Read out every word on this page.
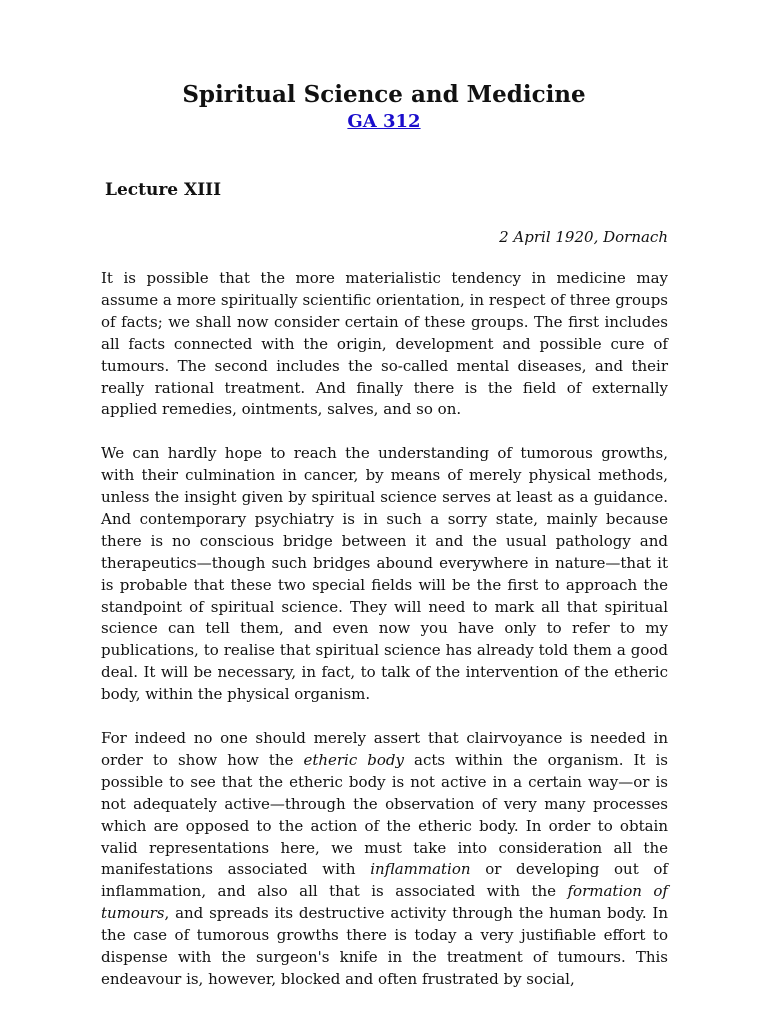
Spiritual Science and Medicine
GA 312
Lecture XIII
2 April 1920, Dornach

It is possible that the more materialistic tendency in medicine may assume a more spiritually scientific orientation, in respect of three groups of facts; we shall now consider certain of these groups. The first includes all facts connected with the origin, development and possible cure of tumours. The second includes the so-called mental diseases, and their really rational treatment. And finally there is the field of externally applied remedies, ointments, salves, and so on.

We can hardly hope to reach the understanding of tumorous growths, with their culmination in cancer, by means of merely physical methods, unless the insight given by spiritual science serves at least as a guidance. And contemporary psychiatry is in such a sorry state, mainly because there is no conscious bridge between it and the usual pathology and therapeutics—though such bridges abound everywhere in nature—that it is probable that these two special fields will be the first to approach the standpoint of spiritual science. They will need to mark all that spiritual science can tell them, and even now you have only to refer to my publications, to realise that spiritual science has already told them a good deal. It will be necessary, in fact, to talk of the intervention of the etheric body, within the physical organism.

For indeed no one should merely assert that clairvoyance is needed in order to show how the etheric body acts within the organism. It is possible to see that the etheric body is not active in a certain way—or is not adequately active—through the observation of very many processes which are opposed to the action of the etheric body. In order to obtain valid representations here, we must take into consideration all the manifestations associated with inflammation or developing out of inflammation, and also all that is associated with the formation of tumours, and spreads its destructive activity through the human body. In the case of tumorous growths there is today a very justifiable effort to dispense with the surgeon's knife in the treatment of tumours. This endeavour is, however, blocked and often frustrated by social,
